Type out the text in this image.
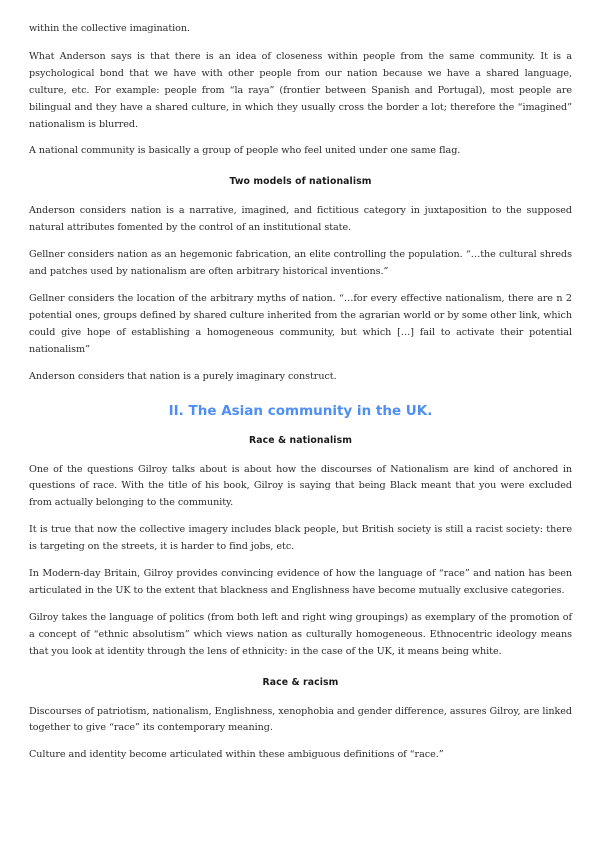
within the collective imagination.

What Anderson says is that there is an idea of closeness within people from the same community. It is a psychological bond that we have with other people from our nation because we have a shared language, culture, etc. For example: people from “la raya” (frontier between Spanish and Portugal), most people are bilingual and they have a shared culture, in which they usually cross the border a lot; therefore the “imagined” nationalism is blurred.

A national community is basically a group of people who feel united under one same flag.

Two models of nationalism

Anderson considers nation is a narrative, imagined, and fictitious category in juxtaposition to the supposed natural attributes fomented by the control of an institutional state.

Gellner considers nation as an hegemonic fabrication, an elite controlling the population. “…the cultural shreds and patches used by nationalism are often arbitrary historical inventions.”

Gellner considers the location of the arbitrary myths of nation. “…for every effective nationalism, there are n 2 potential ones, groups defined by shared culture inherited from the agrarian world or by some other link, which could give hope of establishing a homogeneous community, but which […] fail to activate their potential nationalism”

Anderson considers that nation is a purely imaginary construct.

II. The Asian community in the UK.
Race & nationalism

One of the questions Gilroy talks about is about how the discourses of Nationalism are kind of anchored in questions of race. With the title of his book, Gilroy is saying that being Black meant that you were excluded from actually belonging to the community.

It is true that now the collective imagery includes black people, but British society is still a racist society: there is targeting on the streets, it is harder to find jobs, etc.

In Modern-day Britain, Gilroy provides convincing evidence of how the language of “race” and nation has been articulated in the UK to the extent that blackness and Englishness have become mutually exclusive categories.

Gilroy takes the language of politics (from both left and right wing groupings) as exemplary of the promotion of a concept of “ethnic absolutism” which views nation as culturally homogeneous. Ethnocentric ideology means that you look at identity through the lens of ethnicity: in the case of the UK, it means being white.

Race & racism

Discourses of patriotism, nationalism, Englishness, xenophobia and gender difference, assures Gilroy, are linked together to give “race” its contemporary meaning.

Culture and identity become articulated within these ambiguous definitions of “race.”
